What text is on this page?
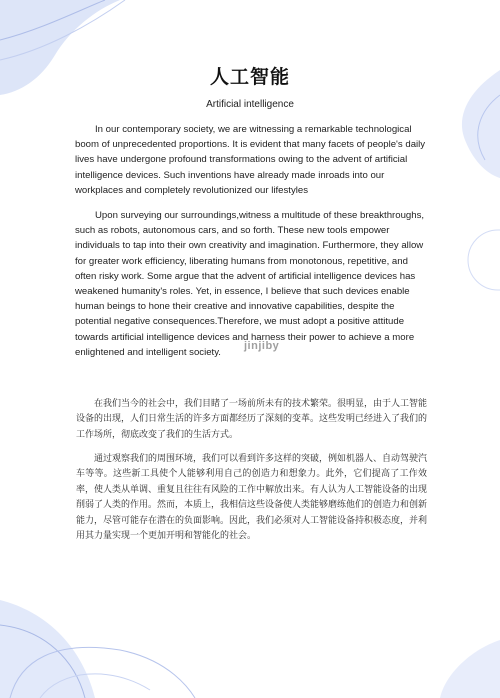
人工智能
Artificial intelligence

In our contemporary society, we are witnessing a remarkable technological boom of unprecedented proportions. It is evident that many facets of people's daily lives have undergone profound transformations owing to the advent of artificial intelligence devices. Such inventions have already made inroads into our workplaces and completely revolutionized our lifestyles

Upon surveying our surroundings,witness a multitude of these breakthroughs, such as robots, autonomous cars, and so forth. These new tools empower individuals to tap into their own creativity and imagination. Furthermore, they allow for greater work efficiency, liberating humans from monotonous, repetitive, and often risky work. Some argue that the advent of artificial intelligence devices has weakened humanity's roles. Yet, in essence, I believe that such devices enable human beings to hone their creative and innovative capabilities, despite the potential negative consequences.Therefore, we must adopt a positive attitude towards artificial intelligence devices and harness their power to achieve a more enlightened and intelligent society.

jinjiby

在我们当今的社会中，我们目睹了一场前所未有的技术繁荣。很明显，由于人工智能设备的出现，人们日常生活的许多方面都经历了深刻的变革。这些发明已经进入了我们的工作场所，彻底改变了我们的生活方式。

通过观察我们的周围环境，我们可以看到许多这样的突破，例如机器人、自动驾驶汽车等等。这些新工具使个人能够利用自己的创造力和想象力。此外，它们提高了工作效率，使人类从单调、重复且往往有风险的工作中解放出来。有人认为人工智能设备的出现削弱了人类的作用。然而，本质上，我相信这些设备使人类能够磨练他们的创造力和创新能力，尽管可能存在潜在的负面影响。因此，我们必须对人工智能设备持积极态度，并利用其力量实现一个更加开明和智能化的社会。
